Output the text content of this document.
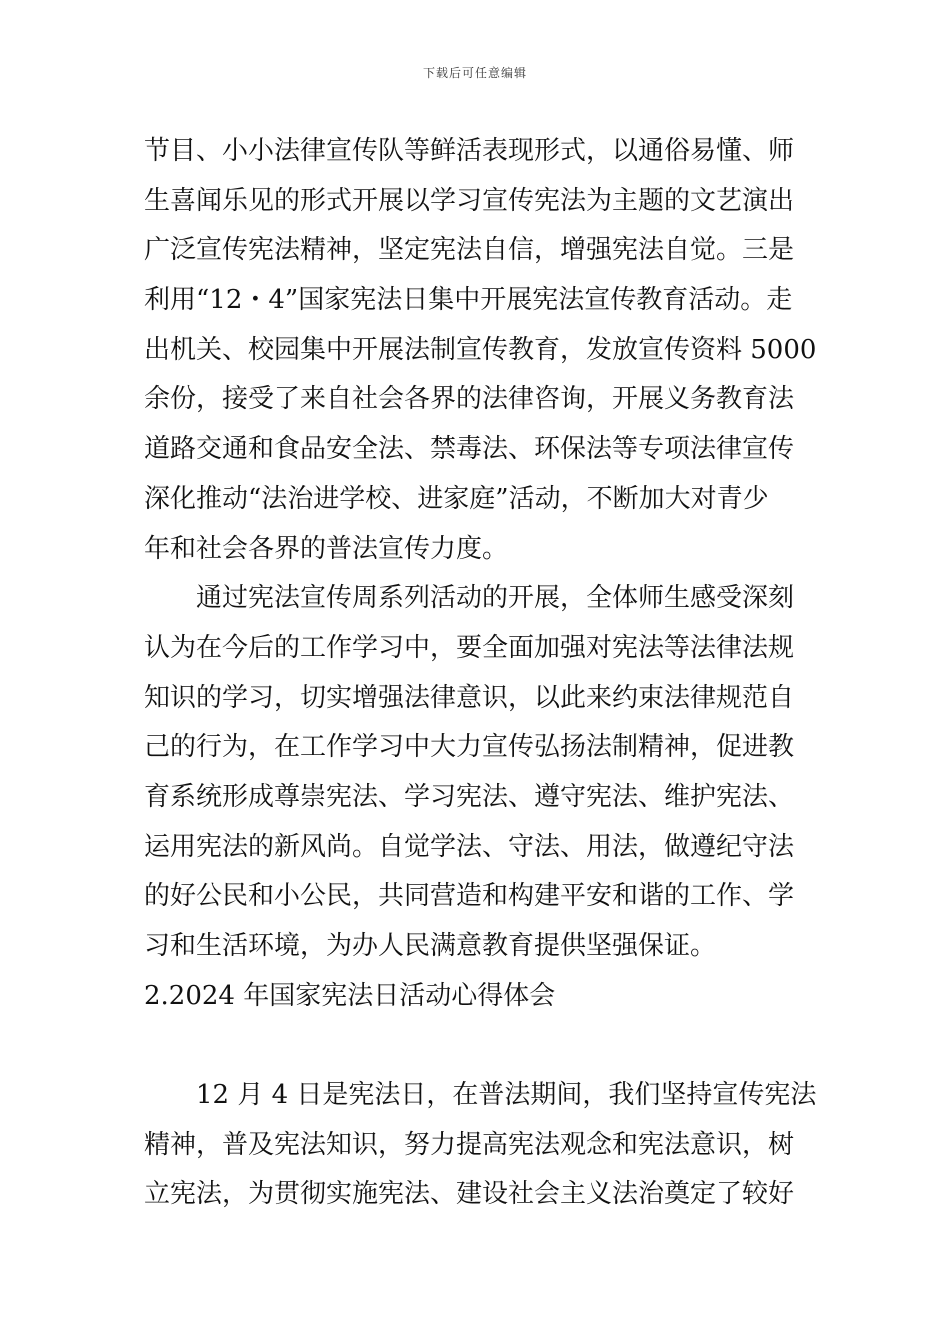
下载后可任意编辑
节目、小小法律宣传队等鲜活表现形式，以通俗易懂、师
生喜闻乐见的形式开展以学习宣传宪法为主题的文艺演出
广泛宣传宪法精神，坚定宪法自信，增强宪法自觉。三是
利用“12・4”国家宪法日集中开展宪法宣传教育活动。走
出机关、校园集中开展法制宣传教育，发放宣传资料 5000
余份，接受了来自社会各界的法律咨询，开展义务教育法
道路交通和食品安全法、禁毒法、环保法等专项法律宣传
深化推动“法治进学校、进家庭”活动，不断加大对青少
年和社会各界的普法宣传力度。
通过宪法宣传周系列活动的开展，全体师生感受深刻
认为在今后的工作学习中，要全面加强对宪法等法律法规
知识的学习，切实增强法律意识，以此来约束法律规范自
己的行为，在工作学习中大力宣传弘扬法制精神，促进教
育系统形成尊崇宪法、学习宪法、遵守宪法、维护宪法、
运用宪法的新风尚。自觉学法、守法、用法，做遵纪守法
的好公民和小公民，共同营造和构建平安和谐的工作、学
习和生活环境，为办人民满意教育提供坚强保证。
2.2024 年国家宪法日活动心得体会
12 月 4 日是宪法日，在普法期间，我们坚持宣传宪法
精神，普及宪法知识，努力提高宪法观念和宪法意识，树
立宪法，为贯彻实施宪法、建设社会主义法治奠定了较好
